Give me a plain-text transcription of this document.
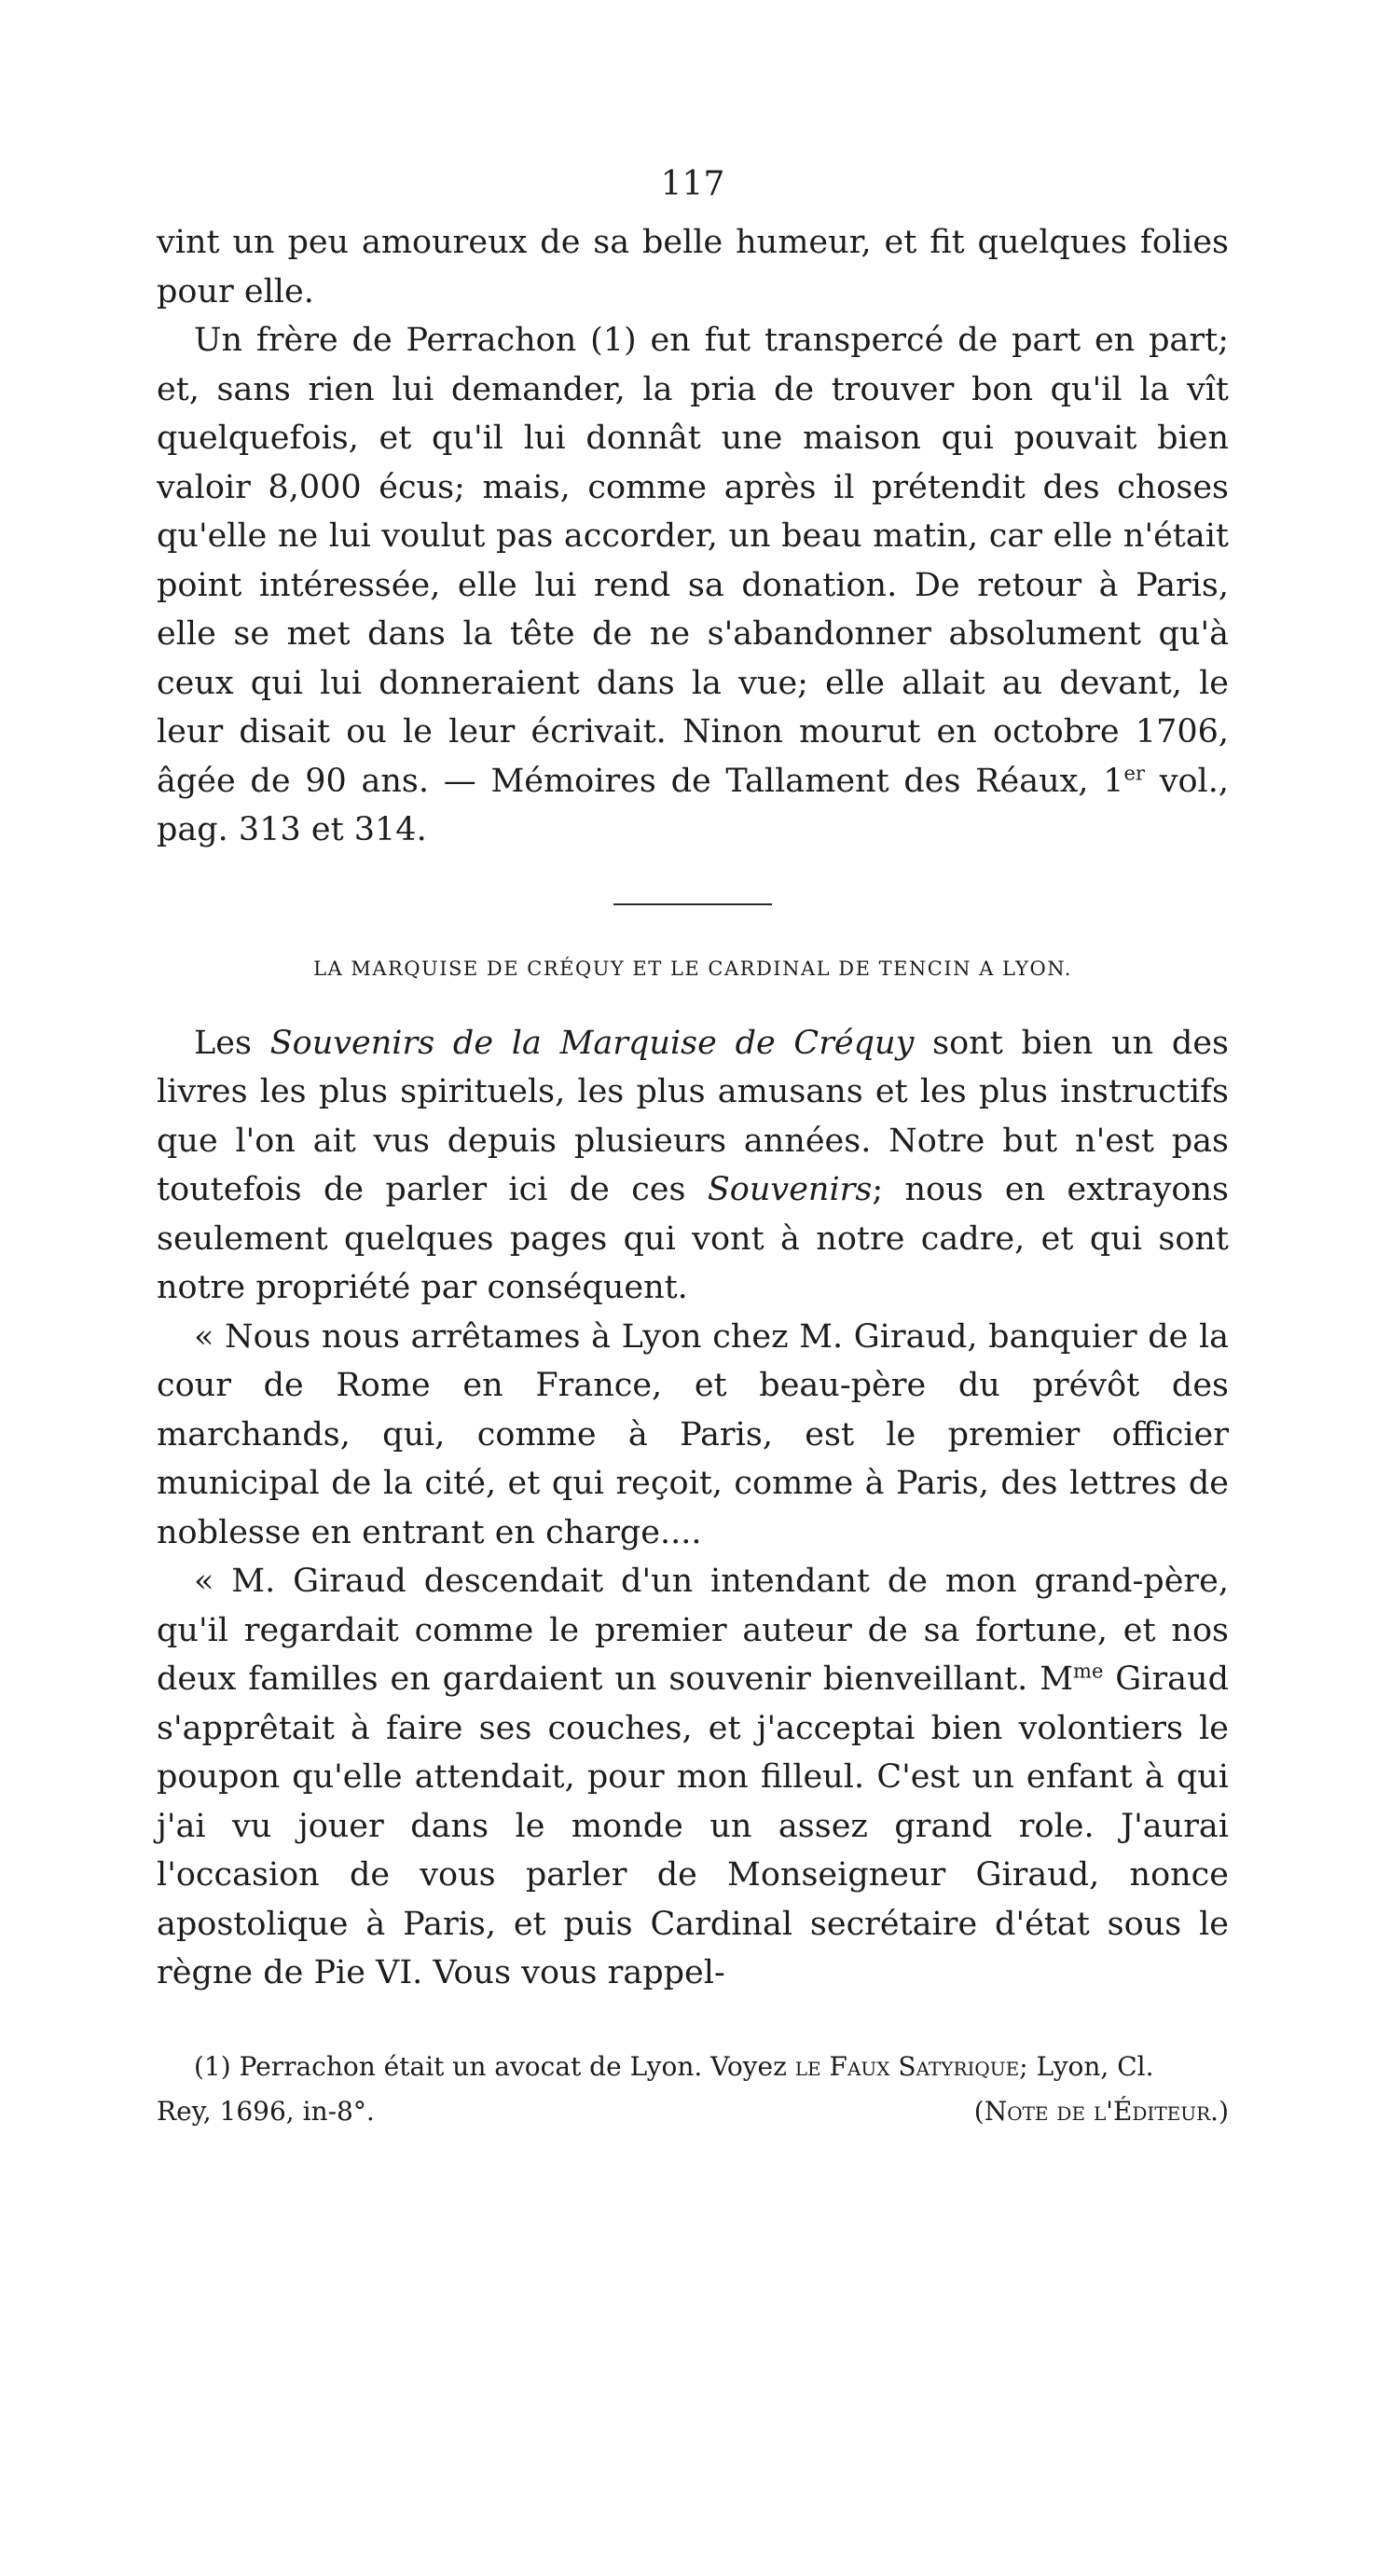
117

vint un peu amoureux de sa belle humeur, et fit quelques folies pour elle.

Un frère de Perrachon (1) en fut transpercé de part en part; et, sans rien lui demander, la pria de trouver bon qu'il la vît quelquefois, et qu'il lui donnât une maison qui pouvait bien valoir 8,000 écus; mais, comme après il prétendit des choses qu'elle ne lui voulut pas accorder, un beau matin, car elle n'était point intéressée, elle lui rend sa donation. De retour à Paris, elle se met dans la tête de ne s'abandonner absolument qu'à ceux qui lui donneraient dans la vue; elle allait au devant, le leur disait ou le leur écrivait. Ninon mourut en octobre 1706, âgée de 90 ans. — Mémoires de Tallament des Réaux, 1er vol., pag. 313 et 314.

LA MARQUISE DE CRÉQUY ET LE CARDINAL DE TENCIN A LYON.

Les Souvenirs de la Marquise de Créquy sont bien un des livres les plus spirituels, les plus amusans et les plus instructifs que l'on ait vus depuis plusieurs années. Notre but n'est pas toutefois de parler ici de ces Souvenirs; nous en extrayons seulement quelques pages qui vont à notre cadre, et qui sont notre propriété par conséquent.

« Nous nous arrêtames à Lyon chez M. Giraud, banquier de la cour de Rome en France, et beau-père du prévôt des marchands, qui, comme à Paris, est le premier officier municipal de la cité, et qui reçoit, comme à Paris, des lettres de noblesse en entrant en charge....

« M. Giraud descendait d'un intendant de mon grand-père, qu'il regardait comme le premier auteur de sa fortune, et nos deux familles en gardaient un souvenir bienveillant. $M^{me}$ Giraud s'apprêtait à faire ses couches, et j'acceptai bien volontiers le poupon qu'elle attendait, pour mon filleul. C'est un enfant à qui j'ai vu jouer dans le monde un assez grand role. J'aurai l'occasion de vous parler de Monseigneur Giraud, nonce apostolique à Paris, et puis Cardinal secrétaire d'état sous le règne de Pie VI. Vous vous rappel-

(1) Perrachon était un avocat de Lyon. Voyez le Faux Satyrique; Lyon, Cl.
Rey, 1696, in-8°.	(Note de l'Éditeur.)
